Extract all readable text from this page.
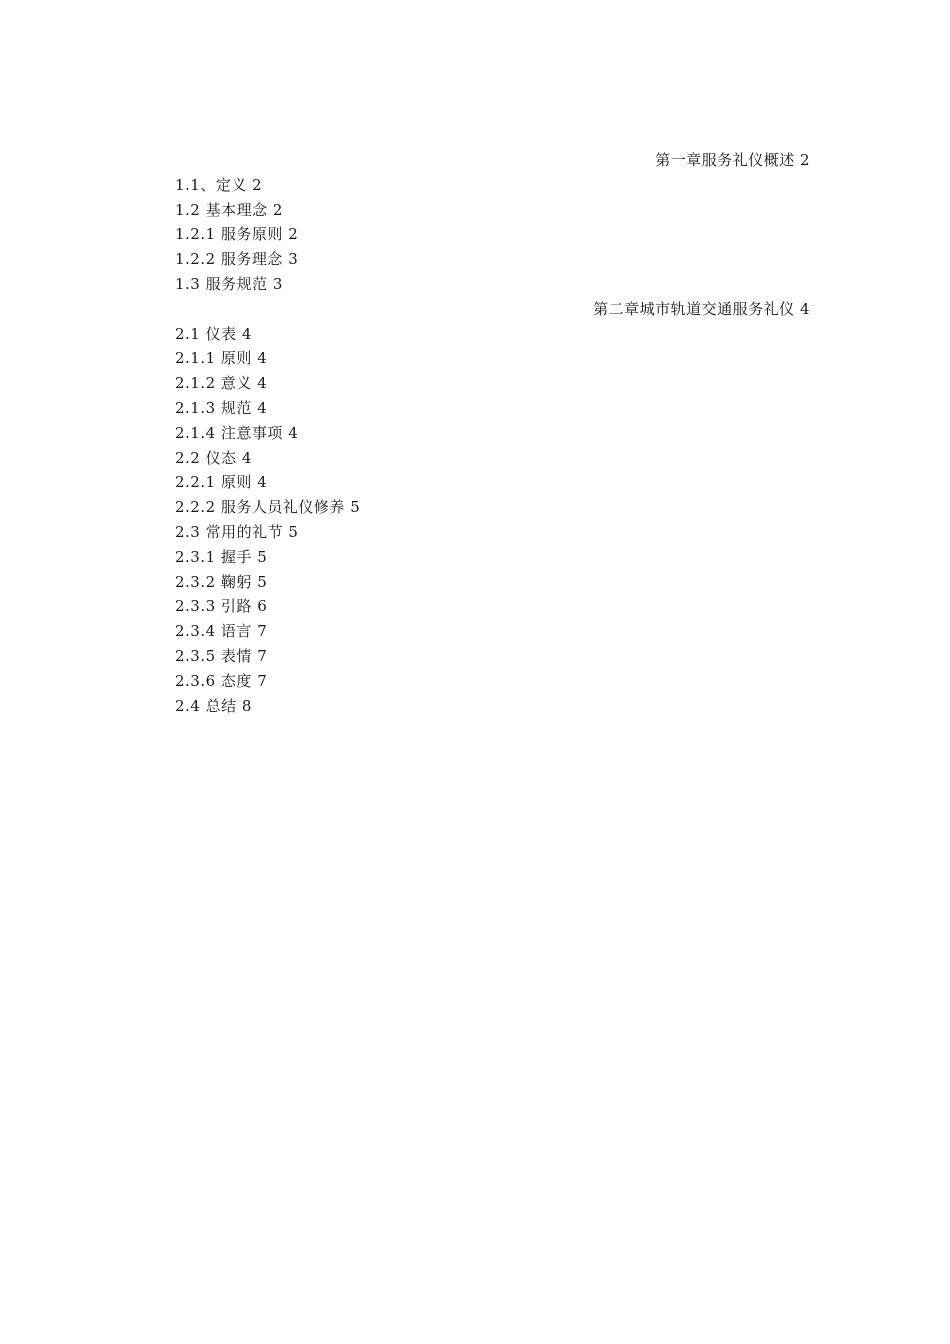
第一章服务礼仪概述 2
1.1、定义 2
1.2 基本理念 2
1.2.1 服务原则 2
1.2.2 服务理念 3
1.3 服务规范 3
第二章城市轨道交通服务礼仪 4
2.1 仪表 4
2.1.1 原则 4
2.1.2 意义 4
2.1.3 规范 4
2.1.4 注意事项 4
2.2 仪态 4
2.2.1 原则 4
2.2.2 服务人员礼仪修养 5
2.3 常用的礼节 5
2.3.1 握手 5
2.3.2 鞠躬 5
2.3.3 引路 6
2.3.4 语言 7
2.3.5 表情 7
2.3.6 态度 7
2.4 总结 8
